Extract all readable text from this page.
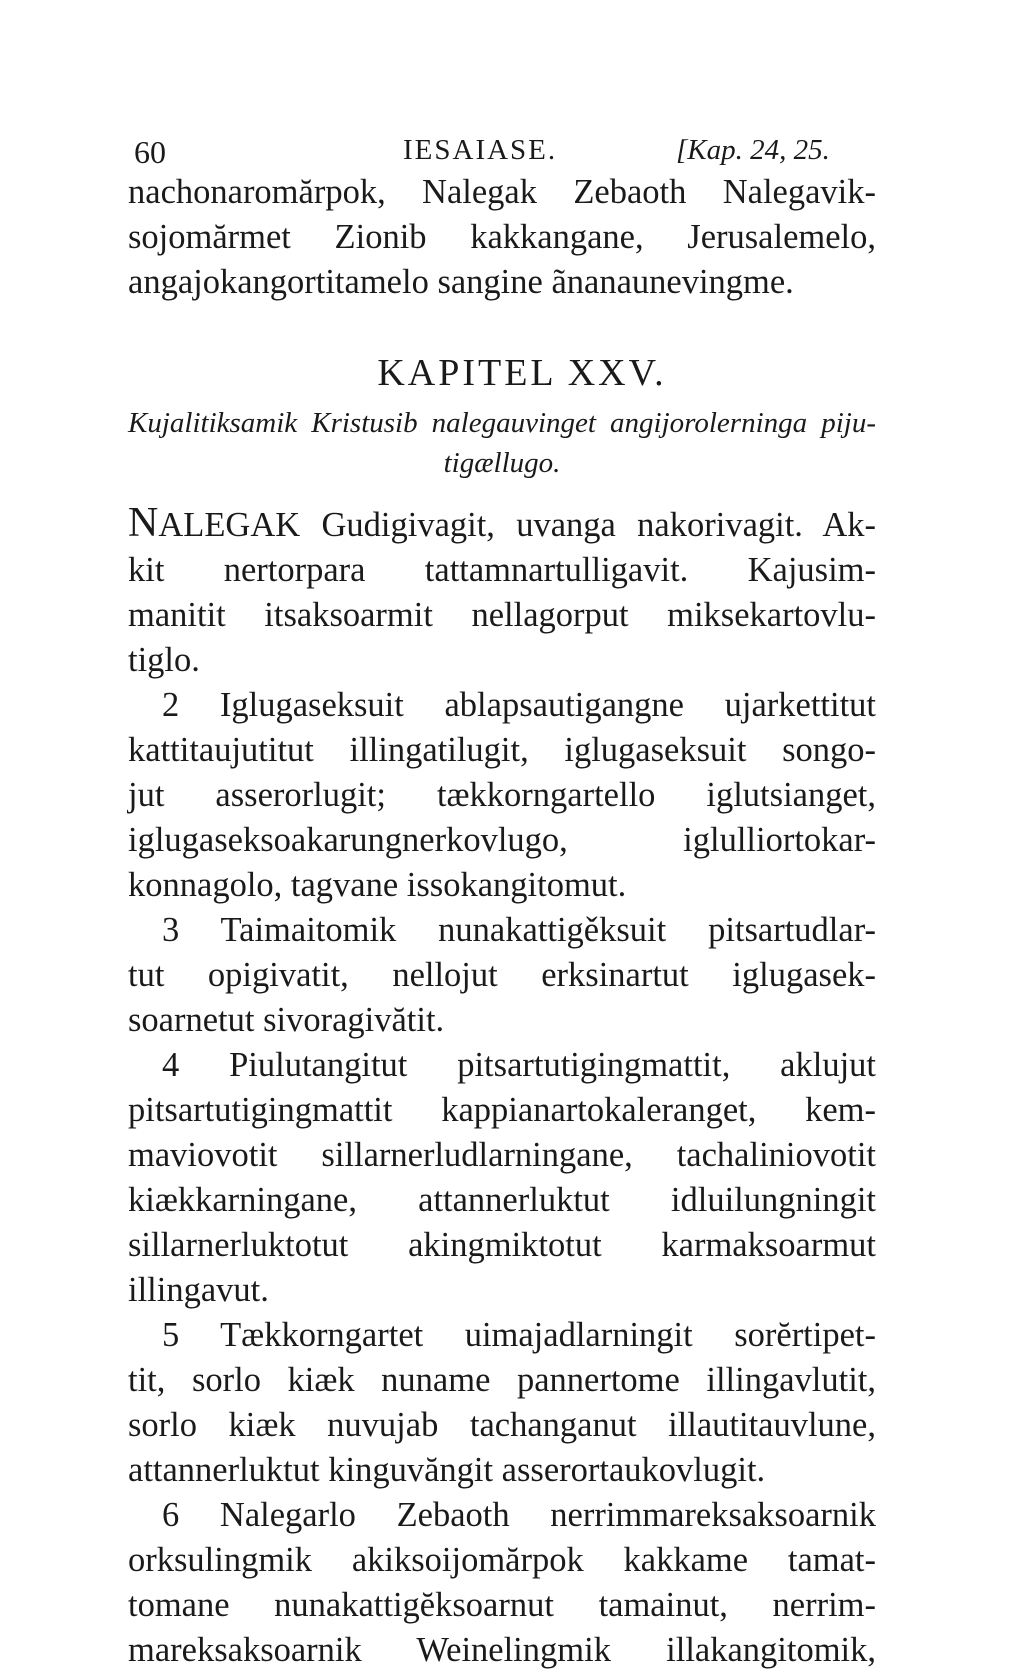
60	IESAIASE.	[Kap. 24, 25.
nachonaromărpok, Nalegak Zebaoth Nalegavik-
sojomărmet Zionib kakkangane, Jerusalemelo,
angajokangortitamelo sangine ãnanaunevingme.
KAPITEL XXV.
Kujalitiksamik Kristusib nalegauvinget angijorolerninga piju-
tigællugo.
NALEGAK Gudigivagit, uvanga nakorivagit. Ak-
kit nertorpara tattamnartulligavit. Kajusim-
manitit itsaksoarmit nellagorput miksekartovlu-
tiglo.
2 Iglugaseksuit ablapsautigangne ujarkettitut
kattitaujutitut illingatilugit, iglugaseksuit songo-
jut asserorlugit; tækkorngartello iglutsianget,
iglugaseksoakarungnerkovlugo, iglulliortokar-
konnagolo, tagvane issokangitomut.
3 Taimaitomik nunakattigěksuit pitsartudlar-
tut opigivatit, nellojut erksinartut iglugasek-
soarnetut sivoragivătit.
4 Piulutangitut pitsartutigingmattit, aklujut
pitsartutigingmattit kappianartokaleranget, kem-
maviovotit sillarnerludlarningane, tachaliniovotit
kiækkarningane, attannerluktut idluilungningit
sillarnerluktotut akingmiktotut karmaksoarmut
illingavut.
5 Tækkorngartet uimajadlarningit sorĕrtipet-
tit, sorlo kiæk nuname pannertome illingavlutit,
sorlo kiæk nuvujab tachanganut illautitauvlune,
attannerluktut kinguvăngit asserortaukovlugit.
6 Nalegarlo Zebaoth nerrimmareksaksoarnik
orksulingmik akiksoijomărpok kakkame tamat-
tomane nunakattigĕksoarnut tamainut, nerrim-
mareksaksoarnik Weinelingmik illakangitomik,
